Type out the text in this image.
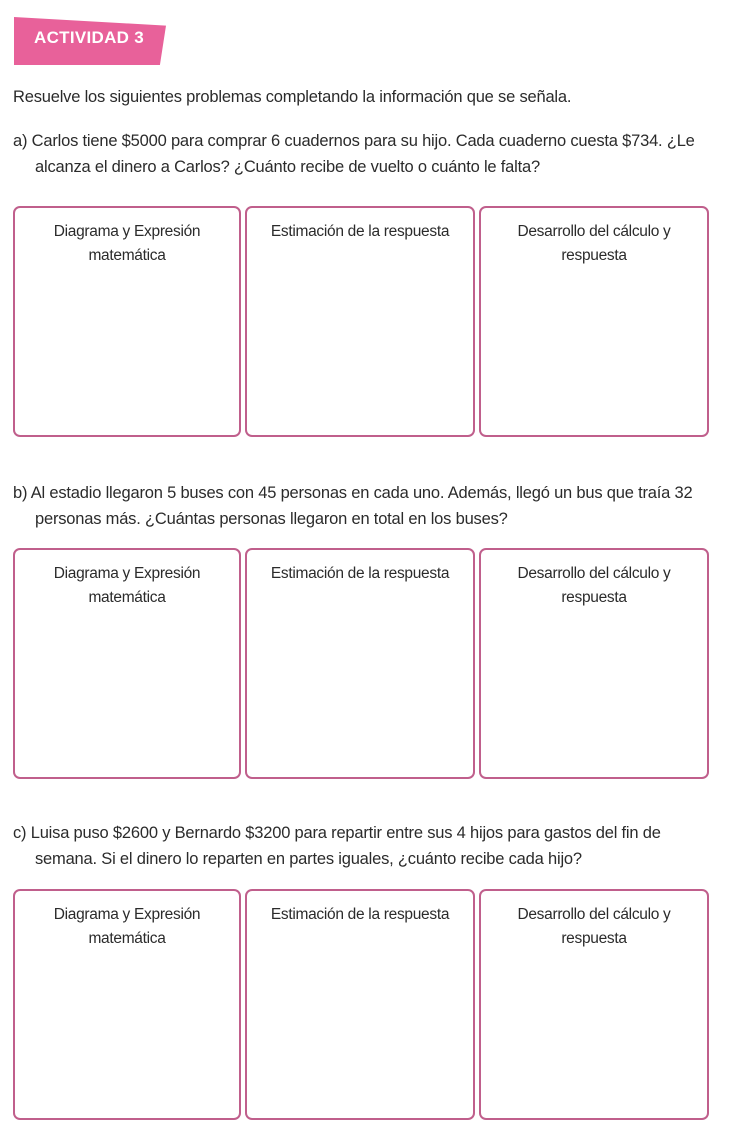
ACTIVIDAD 3
Resuelve los siguientes problemas completando la información que se señala.
a) Carlos tiene $5000 para comprar 6 cuadernos para su hijo. Cada cuaderno cuesta $734. ¿Le alcanza el dinero a Carlos? ¿Cuánto recibe de vuelto o cuánto le falta?
Diagrama y Expresión matemática
Estimación de la respuesta	Desarrollo del cálculo y respuesta
b) Al estadio llegaron 5 buses con 45 personas en cada uno. Además, llegó un bus que traía 32 personas más. ¿Cuántas personas llegaron en total en los buses?
Diagrama y Expresión matemática
Estimación de la respuesta	Desarrollo del cálculo y respuesta
c) Luisa puso $2600 y Bernardo $3200 para repartir entre sus 4 hijos para gastos del fin de semana. Si el dinero lo reparten en partes iguales, ¿cuánto recibe cada hijo?
Diagrama y Expresión matemática
Estimación de la respuesta	Desarrollo del cálculo y respuesta
